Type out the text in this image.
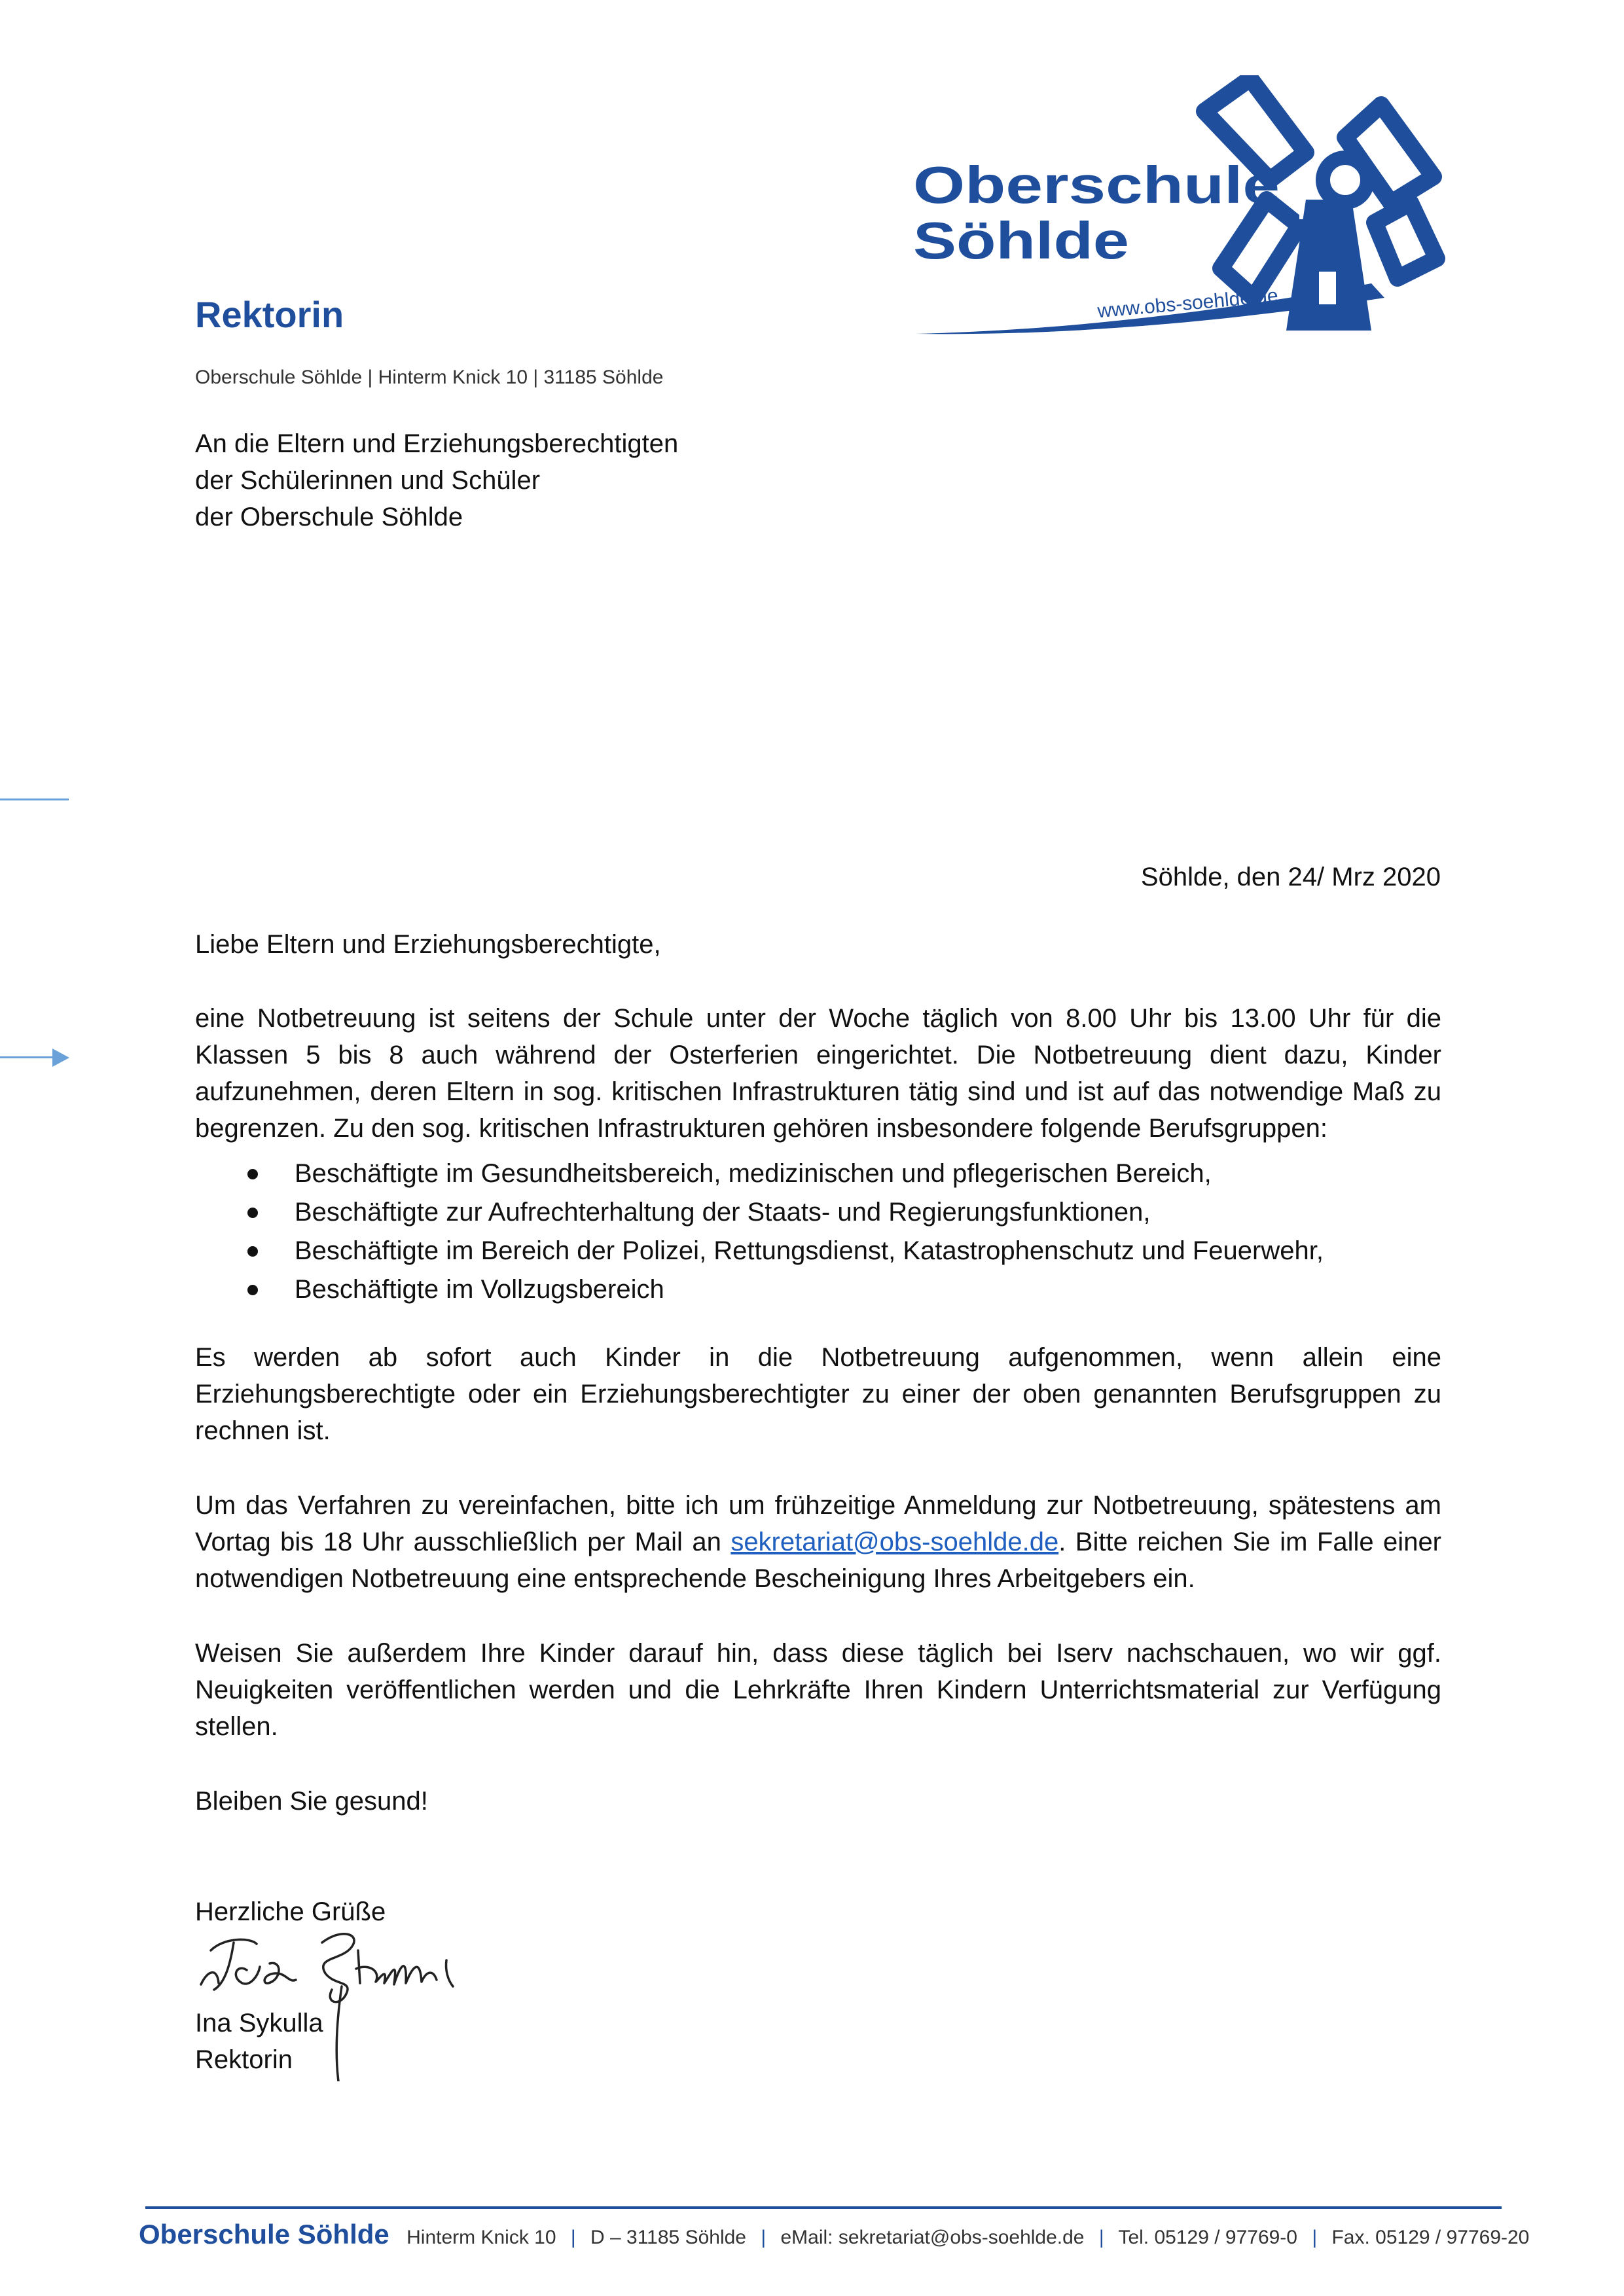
Oberschule
Söhlde
www.obs-soehlde.de
Rektorin
Oberschule Söhlde | Hinterm Knick 10 | 31185 Söhlde
An die Eltern und Erziehungsberechtigten
der Schülerinnen und Schüler
der Oberschule Söhlde
Söhlde, den 24/ Mrz 2020
Liebe Eltern und Erziehungsberechtigte,
eine Notbetreuung ist seitens der Schule unter der Woche täglich von 8.00 Uhr bis 13.00 Uhr für die Klassen 5 bis 8 auch während der Osterferien eingerichtet. Die Notbetreuung dient dazu, Kinder aufzunehmen, deren Eltern in sog. kritischen Infrastrukturen tätig sind und ist auf das notwendige Maß zu begrenzen. Zu den sog. kritischen Infrastrukturen gehören insbesondere folgende Berufsgruppen:
Beschäftigte im Gesundheitsbereich, medizinischen und pflegerischen Bereich,
Beschäftigte zur Aufrechterhaltung der Staats- und Regierungsfunktionen,
Beschäftigte im Bereich der Polizei, Rettungsdienst, Katastrophenschutz und Feuerwehr,
Beschäftigte im Vollzugsbereich
Es werden ab sofort auch Kinder in die Notbetreuung aufgenommen, wenn allein eine Erziehungsberechtigte oder ein Erziehungsberechtigter zu einer der oben genannten Berufsgruppen zu rechnen ist.
Um das Verfahren zu vereinfachen, bitte ich um frühzeitige Anmeldung zur Notbetreuung, spätestens am Vortag bis 18 Uhr ausschließlich per Mail an sekretariat@obs-soehlde.de. Bitte reichen Sie im Falle einer notwendigen Notbetreuung eine entsprechende Bescheinigung Ihres Arbeitgebers ein.
Weisen Sie außerdem Ihre Kinder darauf hin, dass diese täglich bei Iserv nachschauen, wo wir ggf. Neuigkeiten veröffentlichen werden und die Lehrkräfte Ihren Kindern Unterrichtsmaterial zur Verfügung stellen.
Bleiben Sie gesund!
Herzliche Grüße
Ina Sykulla
Rektorin
Oberschule Söhlde Hinterm Knick 10 | D – 31185 Söhlde | eMail: sekretariat@obs-soehlde.de | Tel. 05129 / 97769-0 | Fax. 05129 / 97769-20
